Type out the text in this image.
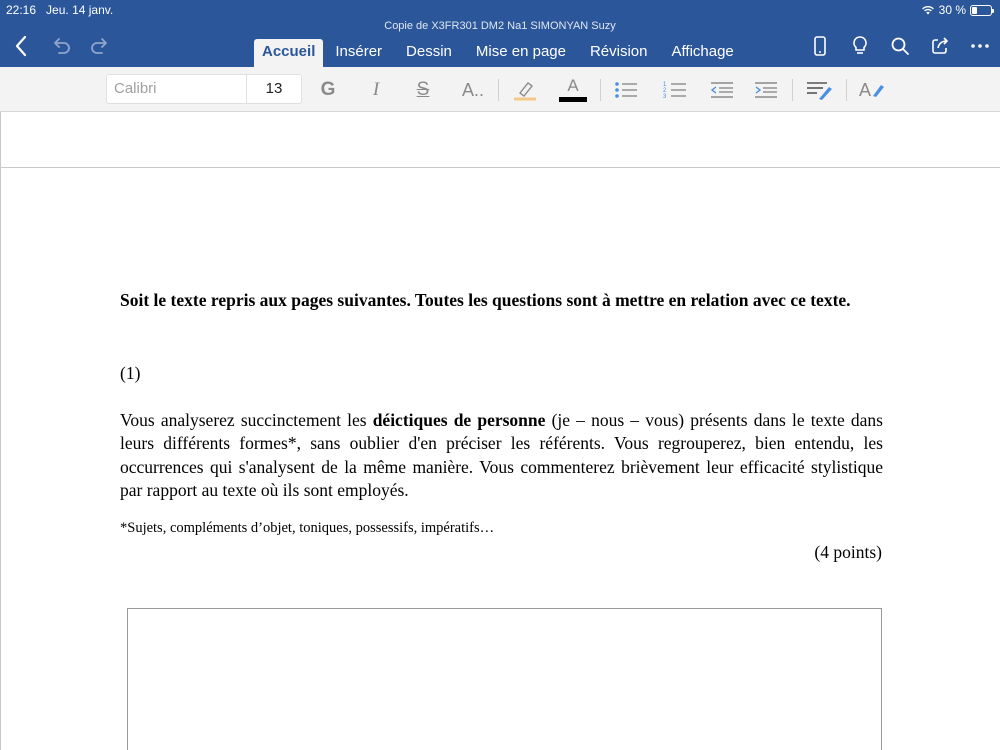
22:16 Jeu. 14 janv.	30 %
Copie de X3FR301 DM2 Na1 SIMONYAN Suzy
Accueil	Insérer	Dessin	Mise en page	Révision	Affichage
Calibri	13	G	I	S A..	A	1
2
3	A
Soit le texte repris aux pages suivantes. Toutes les questions sont à mettre en relation avec ce texte.
(1)
Vous analyserez succinctement les déictiques de personne (je – nous – vous) présents dans le texte dans leurs différents formes*, sans oublier d'en préciser les référents. Vous regrouperez, bien entendu, les occurrences qui s'analysent de la même manière. Vous commenterez brièvement leur efficacité stylistique par rapport au texte où ils sont employés.
*Sujets, compléments d’objet, toniques, possessifs, impératifs…
(4 points)
